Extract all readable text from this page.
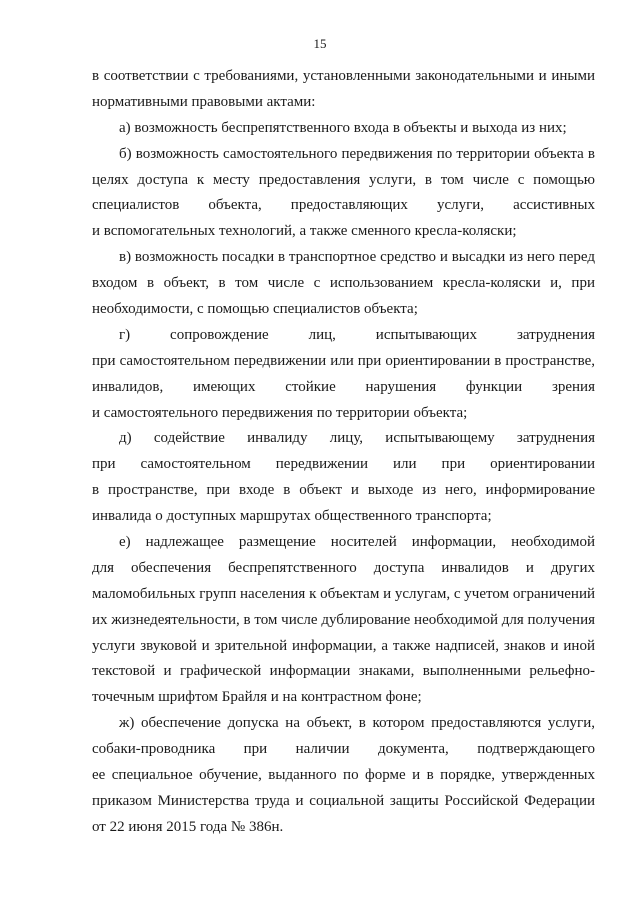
15
в соответствии с требованиями, установленными законодательными и иными
нормативными правовыми актами:
а) возможность беспрепятственного входа в объекты и выхода из них;
б) возможность самостоятельного передвижения по территории объекта в
целях доступа к месту предоставления услуги, в том числе с помощью
специалистов объекта, предоставляющих услуги, ассистивных
и вспомогательных технологий, а также сменного кресла-коляски;
в) возможность посадки в транспортное средство и высадки из него перед
входом в объект, в том числе с использованием кресла-коляски и, при
необходимости, с помощью специалистов объекта;
г) сопровождение лиц, испытывающих затруднения
при самостоятельном передвижении или при ориентировании в пространстве,
инвалидов, имеющих стойкие нарушения функции зрения
и самостоятельного передвижения по территории объекта;
д) содействие инвалиду лицу, испытывающему затруднения
при самостоятельном передвижении или при ориентировании
в пространстве, при входе в объект и выходе из него, информирование
инвалида о доступных маршрутах общественного транспорта;
е) надлежащее размещение носителей информации, необходимой
для обеспечения беспрепятственного доступа инвалидов и других
маломобильных групп населения к объектам и услугам, с учетом ограничений
их жизнедеятельности, в том числе дублирование необходимой для получения
услуги звуковой и зрительной информации, а также надписей, знаков и иной
текстовой и графической информации знаками, выполненными рельефно-
точечным шрифтом Брайля и на контрастном фоне;
ж) обеспечение допуска на объект, в котором предоставляются услуги,
собаки-проводника при наличии документа, подтверждающего
ее специальное обучение, выданного по форме и в порядке, утвержденных
приказом Министерства труда и социальной защиты Российской Федерации
от 22 июня 2015 года № 386н.
